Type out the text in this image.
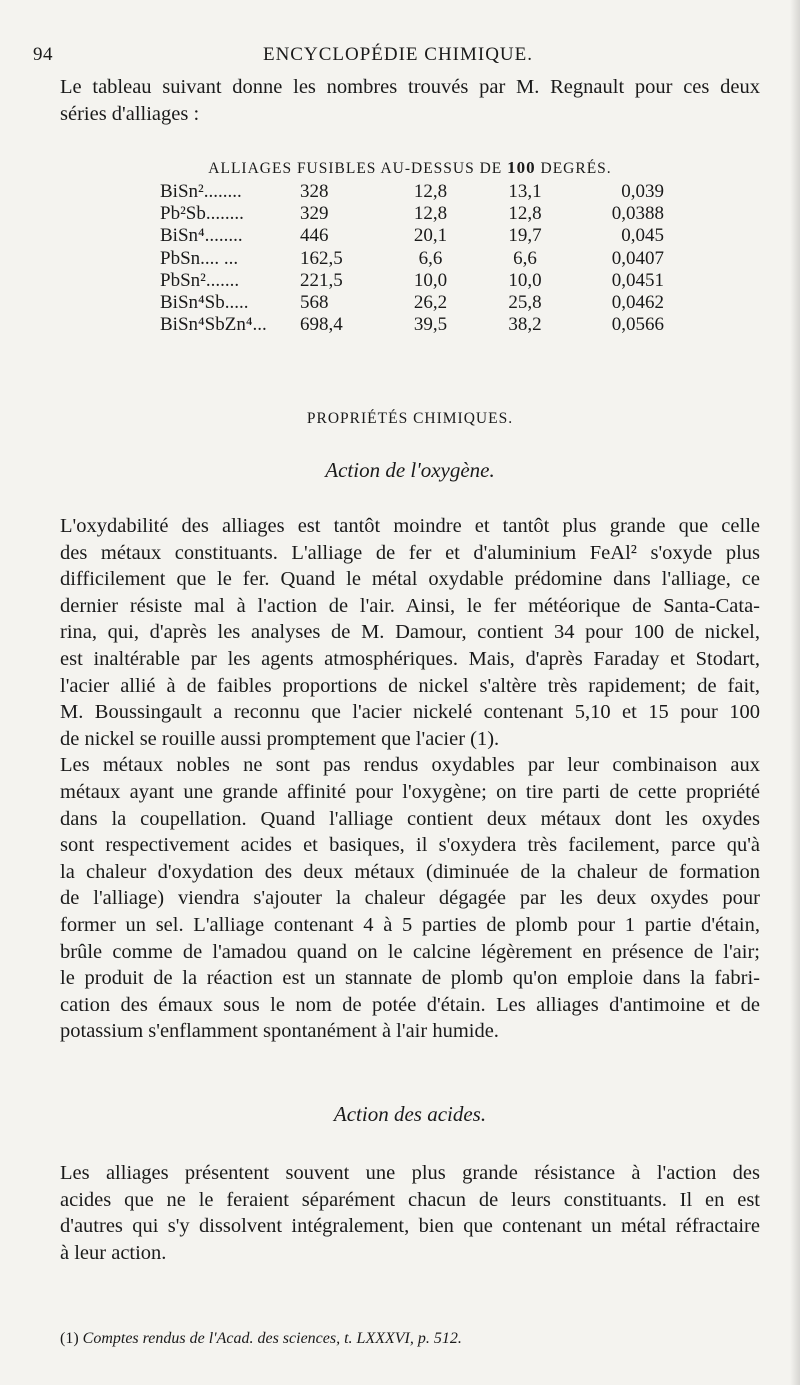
94	ENCYCLOPÉDIE CHIMIQUE.

Le tableau suivant donne les nombres trouvés par M. Regnault pour ces deux

séries d'alliages :

ALLIAGES FUSIBLES AU-DESSUS DE 100 DEGRÉS.
BiSn²........	328	12,8	13,1	0,039
Pb²Sb........	329	12,8	12,8	0,0388
BiSn⁴........	446	20,1	19,7	0,045
PbSn.... ...	162,5	6,6	6,6	0,0407
PbSn².......	221,5	10,0	10,0	0,0451
BiSn⁴Sb.....	568	26,2	25,8	0,0462
BiSn⁴SbZn⁴...	698,4	39,5	38,2	0,0566
PROPRIÉTÉS CHIMIQUES.
Action de l'oxygène.

L'oxydabilité des alliages est tantôt moindre et tantôt plus grande que celle

des métaux constituants. L'alliage de fer et d'aluminium FeAl² s'oxyde plus

difficilement que le fer. Quand le métal oxydable prédomine dans l'alliage, ce

dernier résiste mal à l'action de l'air. Ainsi, le fer météorique de Santa-Cata-

rina, qui, d'après les analyses de M. Damour, contient 34 pour 100 de nickel,

est inaltérable par les agents atmosphériques. Mais, d'après Faraday et Stodart,

l'acier allié à de faibles proportions de nickel s'altère très rapidement; de fait,

M. Boussingault a reconnu que l'acier nickelé contenant 5,10 et 15 pour 100

de nickel se rouille aussi promptement que l'acier (1).

Les métaux nobles ne sont pas rendus oxydables par leur combinaison aux

métaux ayant une grande affinité pour l'oxygène; on tire parti de cette propriété

dans la coupellation. Quand l'alliage contient deux métaux dont les oxydes

sont respectivement acides et basiques, il s'oxydera très facilement, parce qu'à

la chaleur d'oxydation des deux métaux (diminuée de la chaleur de formation

de l'alliage) viendra s'ajouter la chaleur dégagée par les deux oxydes pour

former un sel. L'alliage contenant 4 à 5 parties de plomb pour 1 partie d'étain,

brûle comme de l'amadou quand on le calcine légèrement en présence de l'air;

le produit de la réaction est un stannate de plomb qu'on emploie dans la fabri-

cation des émaux sous le nom de potée d'étain. Les alliages d'antimoine et de

potassium s'enflamment spontanément à l'air humide.

Action des acides.

Les alliages présentent souvent une plus grande résistance à l'action des

acides que ne le feraient séparément chacun de leurs constituants. Il en est

d'autres qui s'y dissolvent intégralement, bien que contenant un métal réfractaire

à leur action.

(1) Comptes rendus de l'Acad. des sciences, t. LXXXVI, p. 512.
